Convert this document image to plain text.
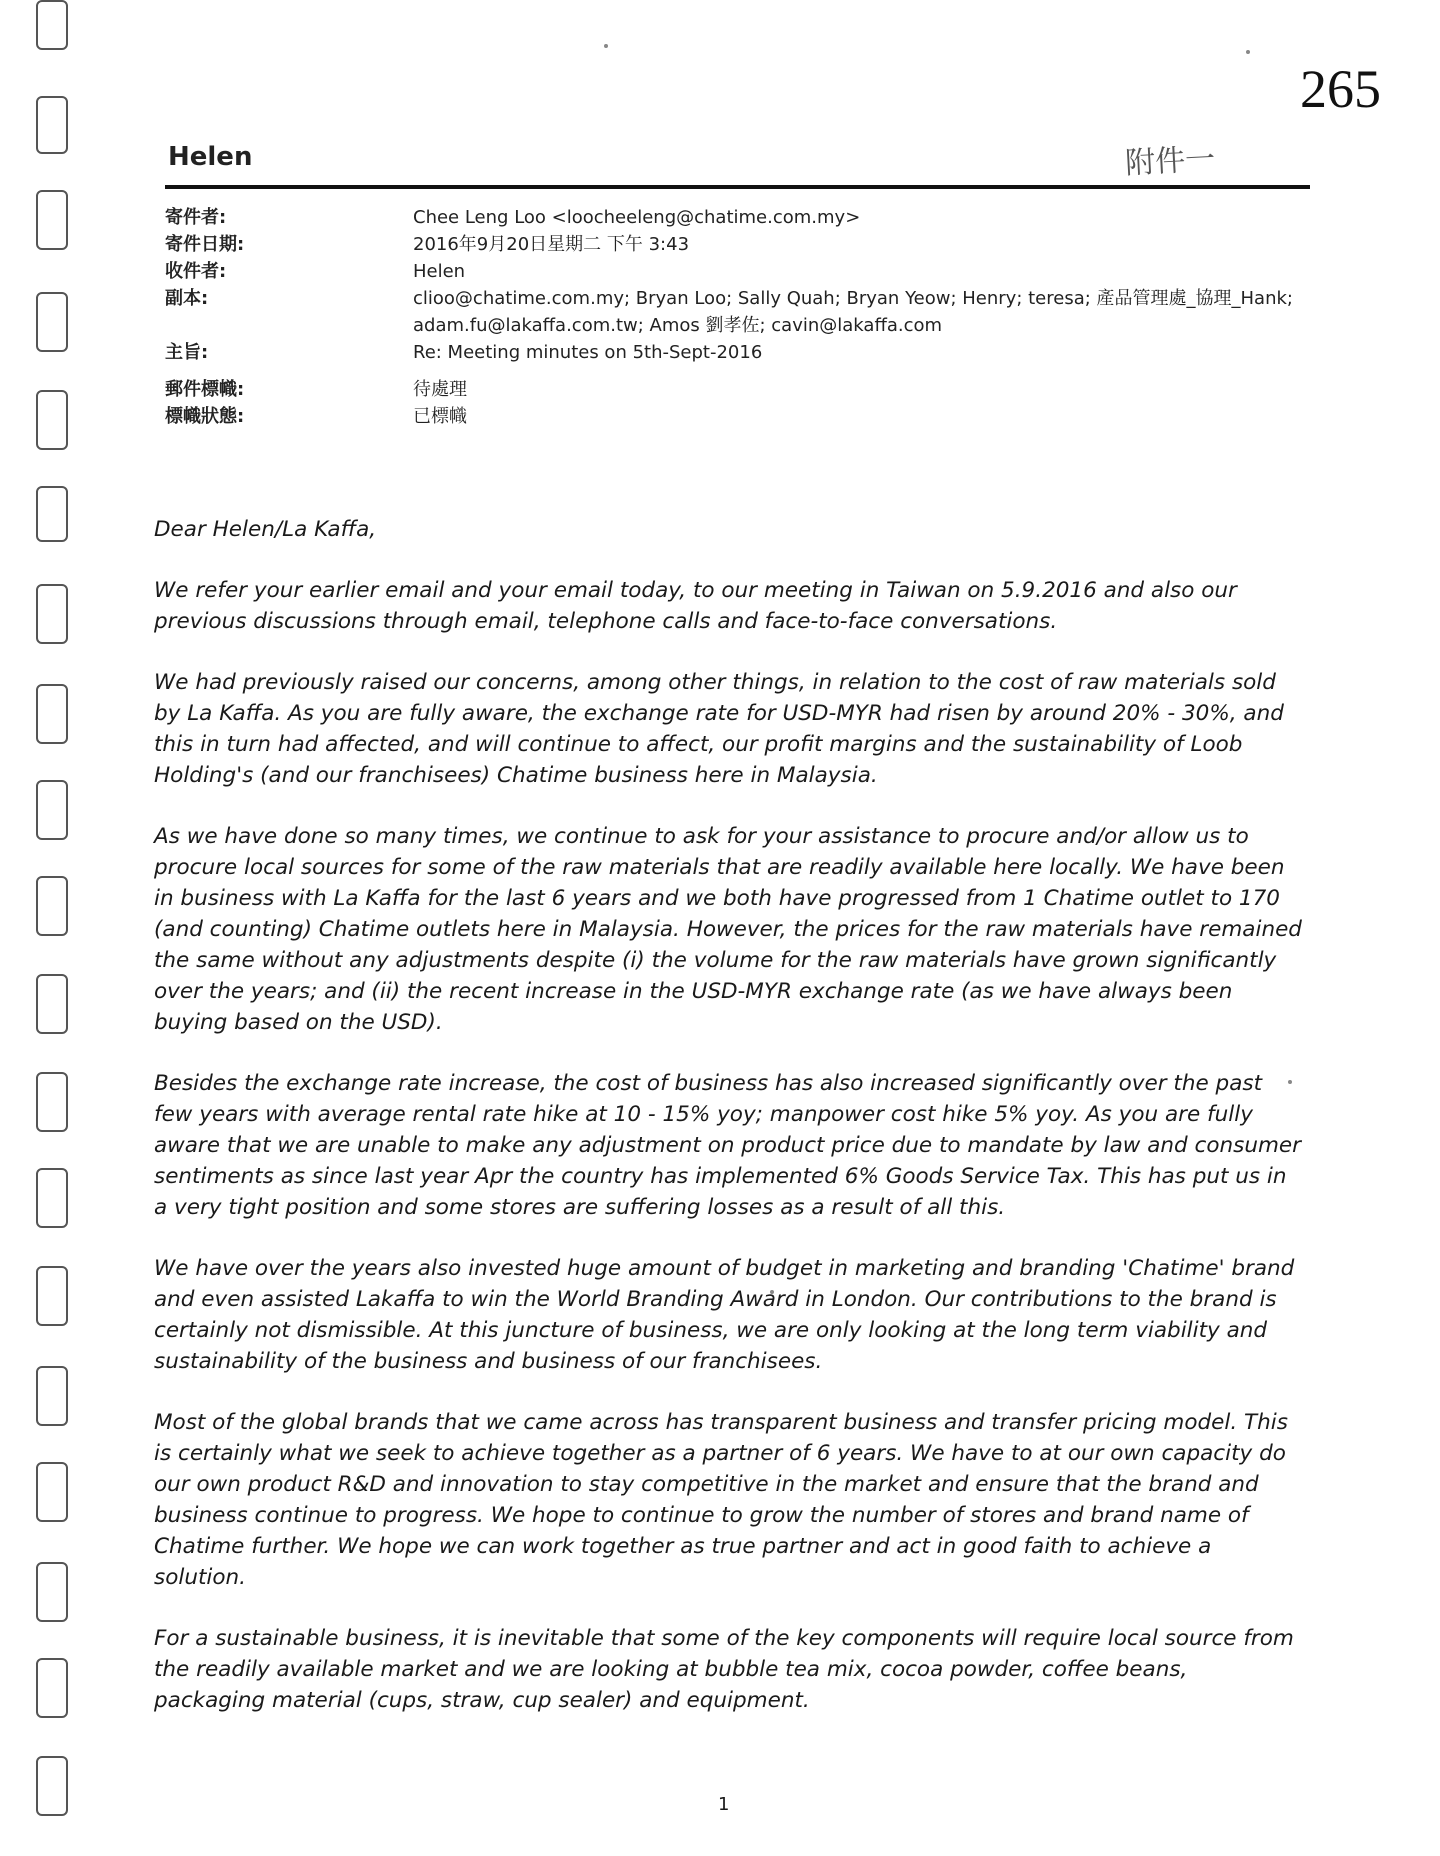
265
Helen	附件一
寄件者:	Chee Leng Loo <loocheeleng@chatime.com.my>
寄件日期:	2016年9月20日星期二 下午 3:43
收件者:	Helen
副本:	clioo@chatime.com.my; Bryan Loo; Sally Quah; Bryan Yeow; Henry; teresa; 產品管理處_協理_Hank;
adam.fu@lakaffa.com.tw; Amos 劉孝佐; cavin@lakaffa.com
主旨:	Re: Meeting minutes on 5th-Sept-2016
郵件標幟:	待處理
標幟狀態:	已標幟

Dear Helen/La Kaffa,

We refer your earlier email and your email today, to our meeting in Taiwan on 5.9.2016 and also our previous discussions through email, telephone calls and face-to-face conversations.

We had previously raised our concerns, among other things, in relation to the cost of raw materials sold by La Kaffa. As you are fully aware, the exchange rate for USD-MYR had risen by around 20% - 30%, and this in turn had affected, and will continue to affect, our profit margins and the sustainability of Loob Holding's (and our franchisees) Chatime business here in Malaysia.

As we have done so many times, we continue to ask for your assistance to procure and/or allow us to procure local sources for some of the raw materials that are readily available here locally. We have been in business with La Kaffa for the last 6 years and we both have progressed from 1 Chatime outlet to 170 (and counting) Chatime outlets here in Malaysia. However, the prices for the raw materials have remained the same without any adjustments despite (i) the volume for the raw materials have grown significantly over the years; and (ii) the recent increase in the USD-MYR exchange rate (as we have always been buying based on the USD).

Besides the exchange rate increase, the cost of business has also increased significantly over the past few years with average rental rate hike at 10 - 15% yoy; manpower cost hike 5% yoy. As you are fully aware that we are unable to make any adjustment on product price due to mandate by law and consumer sentiments as since last year Apr the country has implemented 6% Goods Service Tax. This has put us in a very tight position and some stores are suffering losses as a result of all this.

We have over the years also invested huge amount of budget in marketing and branding 'Chatime' brand and even assisted Lakaffa to win the World Branding Award in London. Our contributions to the brand is certainly not dismissible. At this juncture of business, we are only looking at the long term viability and sustainability of the business and business of our franchisees.

Most of the global brands that we came across has transparent business and transfer pricing model. This is certainly what we seek to achieve together as a partner of 6 years. We have to at our own capacity do our own product R&D and innovation to stay competitive in the market and ensure that the brand and business continue to progress. We hope to continue to grow the number of stores and brand name of Chatime further. We hope we can work together as true partner and act in good faith to achieve a solution.

For a sustainable business, it is inevitable that some of the key components will require local source from the readily available market and we are looking at bubble tea mix, cocoa powder, coffee beans, packaging material (cups, straw, cup sealer) and equipment.

1
